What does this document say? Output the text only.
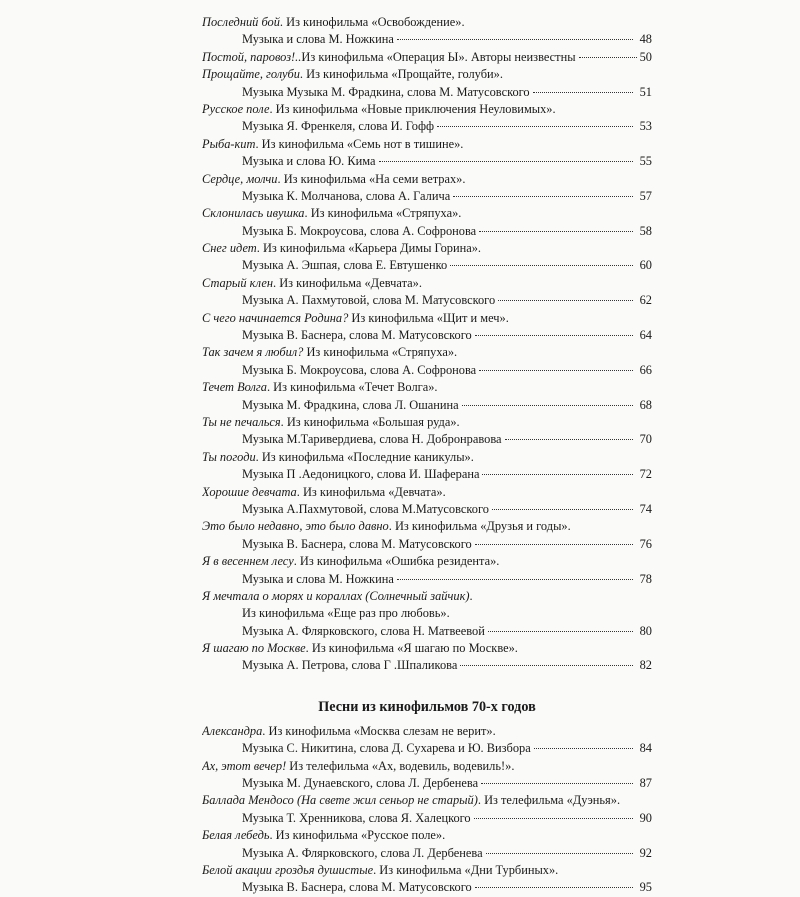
Последний бой. Из кинофильма «Освобождение».
Музыка и слова М. Ножкина	48
Постой, паровоз!.. Из кинофильма «Операция Ы». Авторы неизвестны	50
Прощайте, голуби. Из кинофильма «Прощайте, голуби».
Музыка Музыка М. Фрадкина, слова М. Матусовского	51
Русское поле. Из кинофильма «Новые приключения Неуловимых».
Музыка Я. Френкеля, слова И. Гофф	53
Рыба-кит. Из кинофильма «Семь нот в тишине».
Музыка и слова Ю. Кима	55
Сердце, молчи. Из кинофильма «На семи ветрах».
Музыка К. Молчанова, слова А. Галича	57
Склонилась ивушка. Из кинофильма «Стряпуха».
Музыка Б. Мокроусова, слова А. Софронова	58
Снег идет. Из кинофильма «Карьера Димы Горина».
Музыка А. Эшпая, слова Е. Евтушенко	60
Старый клен. Из кинофильма «Девчата».
Музыка А. Пахмутовой, слова М. Матусовского	62
С чего начинается Родина? Из кинофильма «Щит и меч».
Музыка В. Баснера, слова М. Матусовского	64
Так зачем я любил? Из кинофильма «Стряпуха».
Музыка Б. Мокроусова, слова А. Софронова	66
Течет Волга. Из кинофильма «Течет Волга».
Музыка М. Фрадкина, слова Л. Ошанина	68
Ты не печалься. Из кинофильма «Большая руда».
Музыка М.Таривердиева, слова Н. Добронравова	70
Ты погоди. Из кинофильма «Последние каникулы».
Музыка П .Аедоницкого, слова И. Шаферана	72
Хорошие девчата. Из кинофильма «Девчата».
Музыка А.Пахмутовой, слова М.Матусовского	74
Это было недавно, это было давно. Из кинофильма «Друзья и годы».
Музыка В. Баснера, слова М. Матусовского	76
Я в весеннем лесу. Из кинофильма «Ошибка резидента».
Музыка и слова М. Ножкина	78
Я мечтала о морях и кораллах (Солнечный зайчик).
Из кинофильма «Еще раз про любовь».
Музыка А. Флярковского, слова Н. Матвеевой	80
Я шагаю по Москве. Из кинофильма «Я шагаю по Москве».
Музыка А. Петрова, слова Г .Шпаликова	82
Песни из кинофильмов 70-х годов
Александра. Из кинофильма «Москва слезам не верит».
Музыка С. Никитина, слова Д. Сухарева и Ю. Визбора	84
Ах, этот вечер! Из телефильма «Ах, водевиль, водевиль!».
Музыка М. Дунаевского, слова Л. Дербенева	87
Баллада Мендосо (На свете жил сеньор не старый). Из телефильма «Дуэнья».
Музыка Т. Хренникова, слова Я. Халецкого	90
Белая лебедь. Из кинофильма «Русское поле».
Музыка А. Флярковского, слова Л. Дербенева	92
Белой акации гроздья душистые. Из кинофильма «Дни Турбиных».
Музыка В. Баснера, слова М. Матусовского	95
